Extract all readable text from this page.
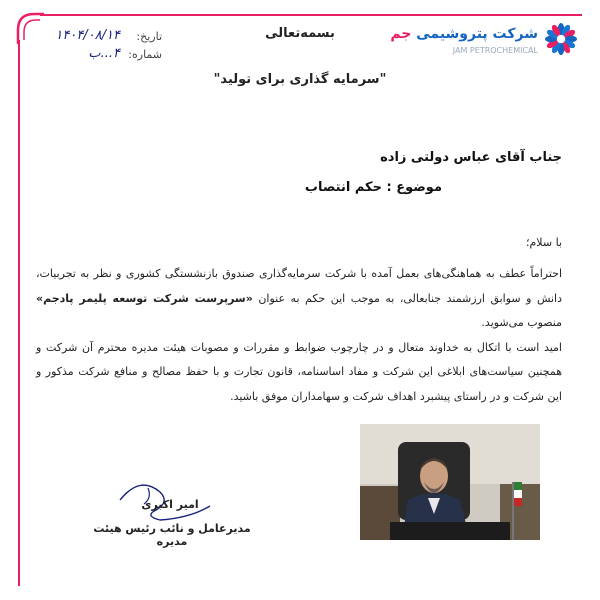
شرکت پتروشیمی جم
JAM PETROCHEMICAL
بسمه‌تعالی
تاریخ:
۱۴۰۴/۰۸/۱۴
شماره:
۴...ب
"سرمایه گذاری برای تولید"
جناب آقای عباس دولتی زاده
موضوع : حکم انتصاب
با سلام؛

احتراماً عطف به هماهنگی‌های بعمل آمده با شرکت سرمایه‌گذاری صندوق بازنشستگی کشوری و نظر به تجربیات، دانش و سوابق ارزشمند جنابعالی، به موجب این حکم به عنوان «سرپرست شرکت توسعه پلیمر پادجم» منصوب می‌شوید.

امید است با اتکال به خداوند متعال و در چارچوب ضوابط و مقررات و مصوبات هیئت مدیره محترم آن شرکت و همچنین سیاست‌های ابلاغی این شرکت و مفاد اساسنامه، قانون تجارت و با حفظ مصالح و منافع شرکت مذکور و این شرکت و در راستای پیشبرد اهداف شرکت و سهامداران موفق باشید.

امیر اکبری
مدیرعامل و نائب رئیس هیئت مدیره
